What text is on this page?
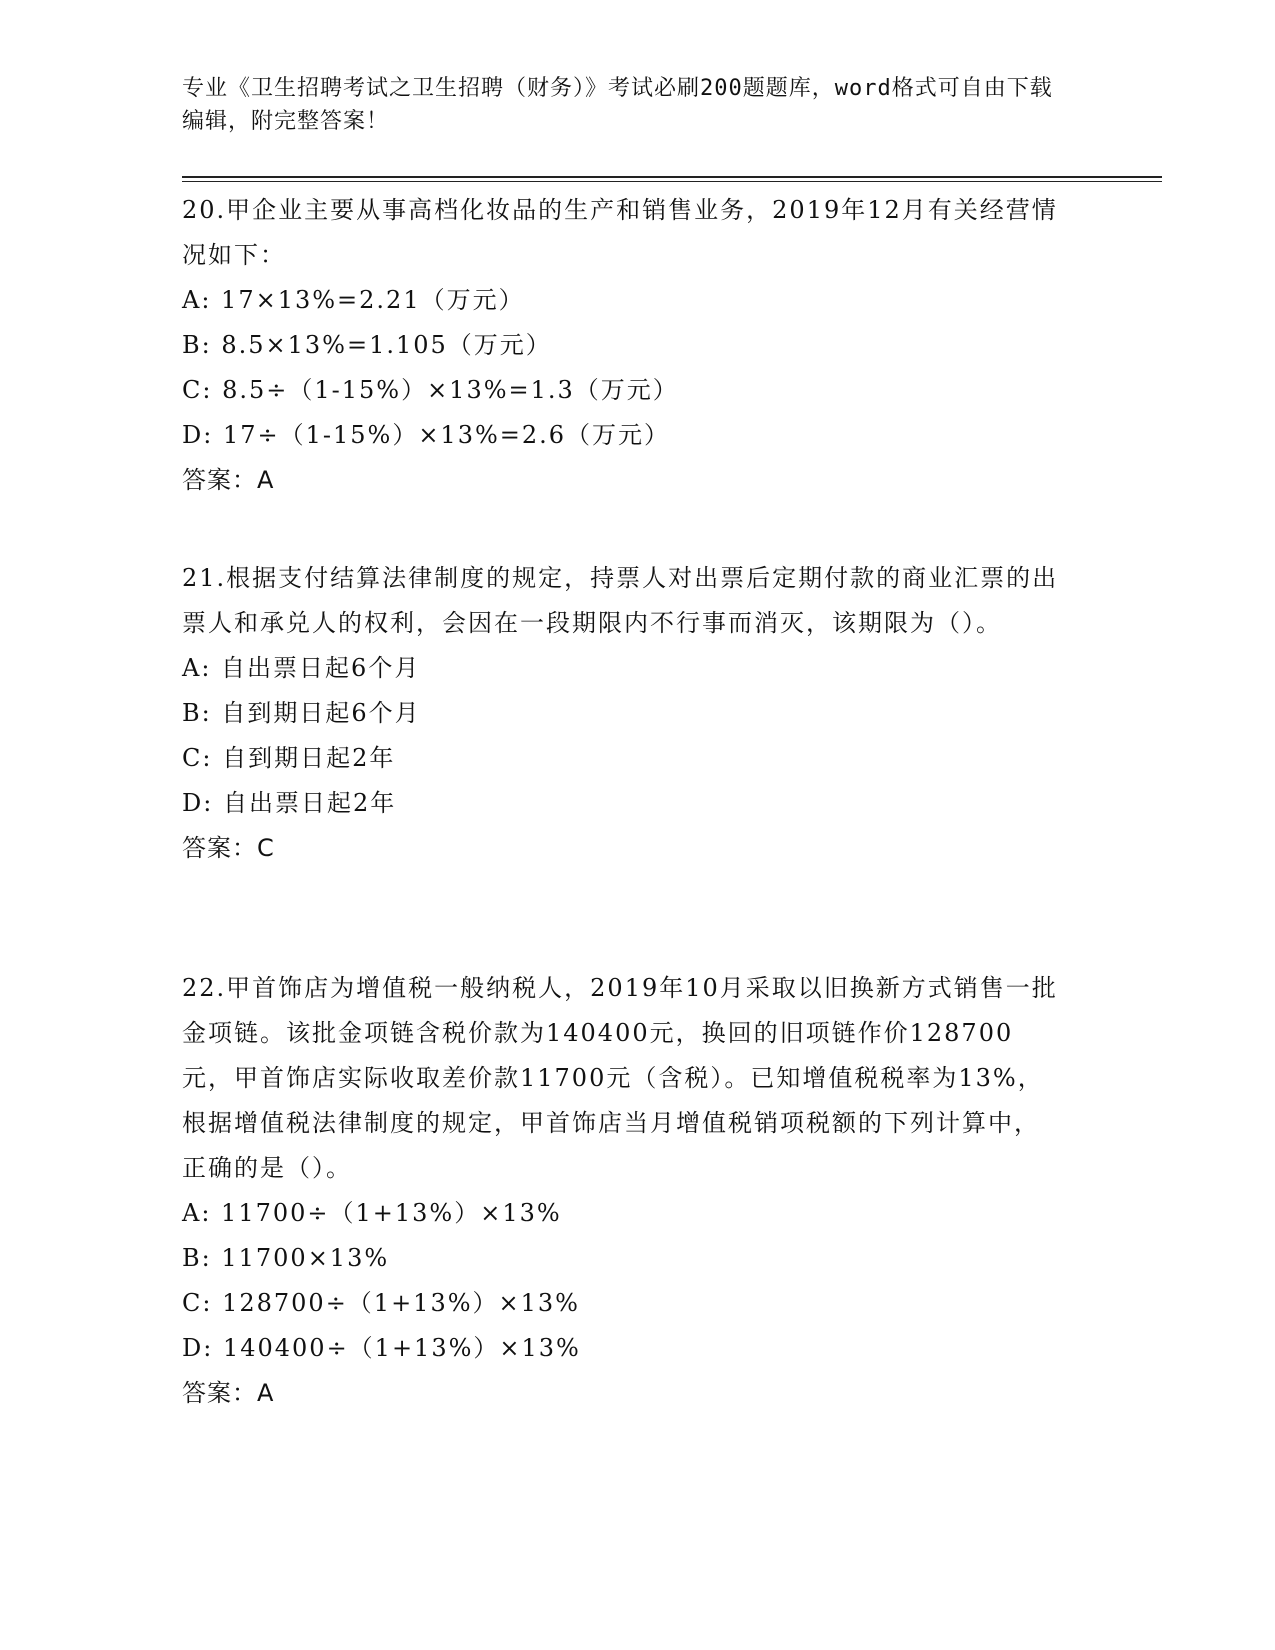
专业《卫生招聘考试之卫生招聘（财务）》考试必刷200题题库，word格式可自由下载编辑，附完整答案！
20.甲企业主要从事高档化妆品的生产和销售业务，2019年12月有关经营情况如下：
A: 17×13%=2.21（万元）
B: 8.5×13%=1.105（万元）
C: 8.5÷（1-15%）×13%=1.3（万元）
D: 17÷（1-15%）×13%=2.6（万元）
答案：A
21.根据支付结算法律制度的规定，持票人对出票后定期付款的商业汇票的出票人和承兑人的权利，会因在一段期限内不行事而消灭，该期限为（）。
A: 自出票日起6个月
B: 自到期日起6个月
C: 自到期日起2年
D: 自出票日起2年
答案：C
22.甲首饰店为增值税一般纳税人，2019年10月采取以旧换新方式销售一批金项链。该批金项链含税价款为140400元，换回的旧项链作价128700元，甲首饰店实际收取差价款11700元（含税）。已知增值税税率为13%，根据增值税法律制度的规定，甲首饰店当月增值税销项税额的下列计算中，正确的是（）。
A: 11700÷（1+13%）×13%
B: 11700×13%
C: 128700÷（1+13%）×13%
D: 140400÷（1+13%）×13%
答案：A
